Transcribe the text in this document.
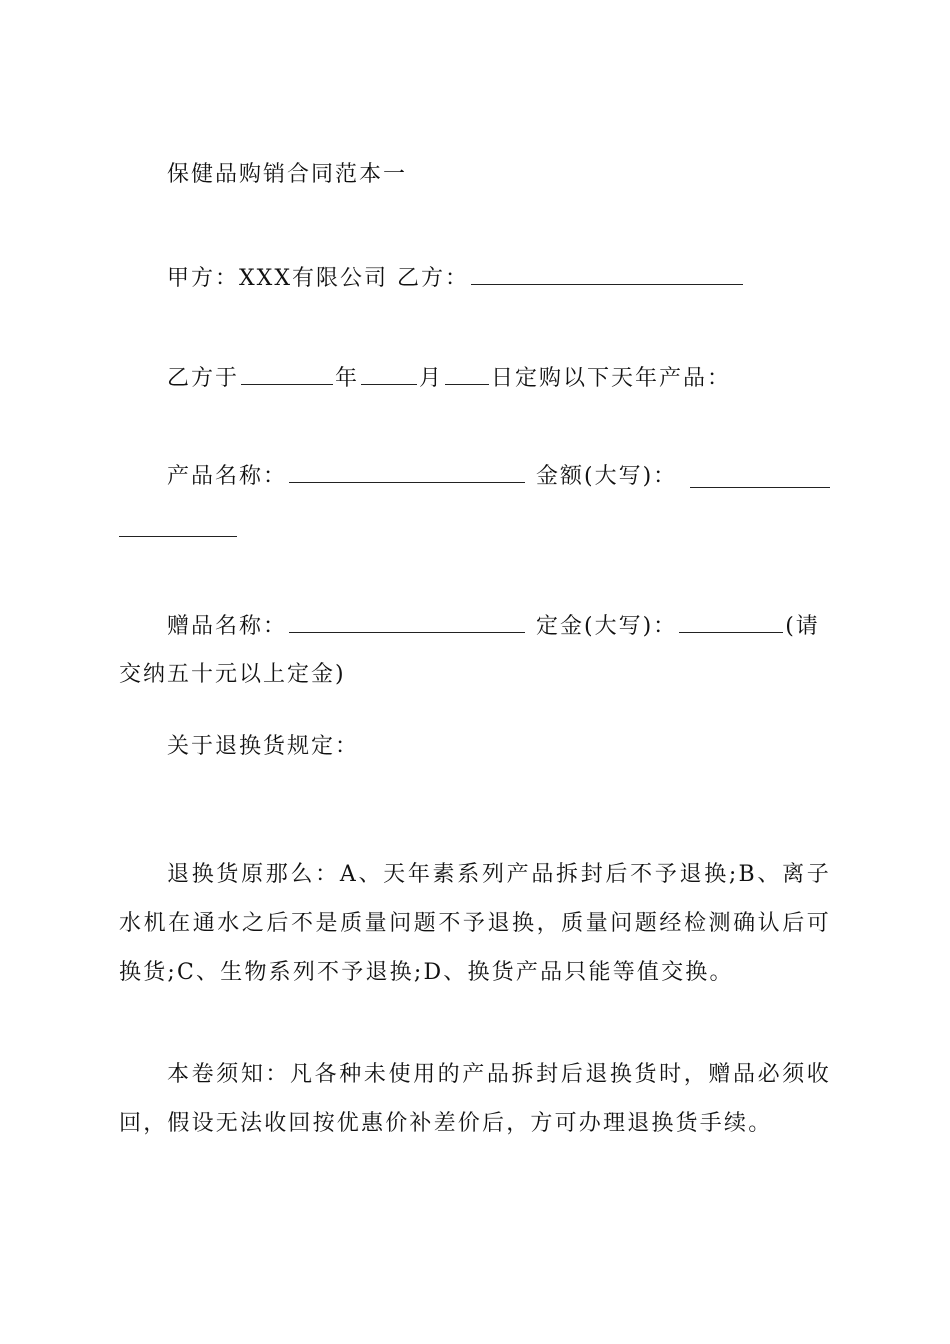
保健品购销合同范本一
甲方：XXX有限公司 乙方：
乙方于	年	月 日定购以下天年产品：
产品名称：	金额(大写)：
赠品名称：	定金(大写)：	(请
交纳五十元以上定金)
关于退换货规定：
退换货原那么：A、天年素系列产品拆封后不予退换;B、离子水机在通水之后不是质量问题不予退换，质量问题经检测确认后可换货;C、生物系列不予退换;D、换货产品只能等值交换。
本卷须知：凡各种未使用的产品拆封后退换货时，赠品必须收回，假设无法收回按优惠价补差价后，方可办理退换货手续。
